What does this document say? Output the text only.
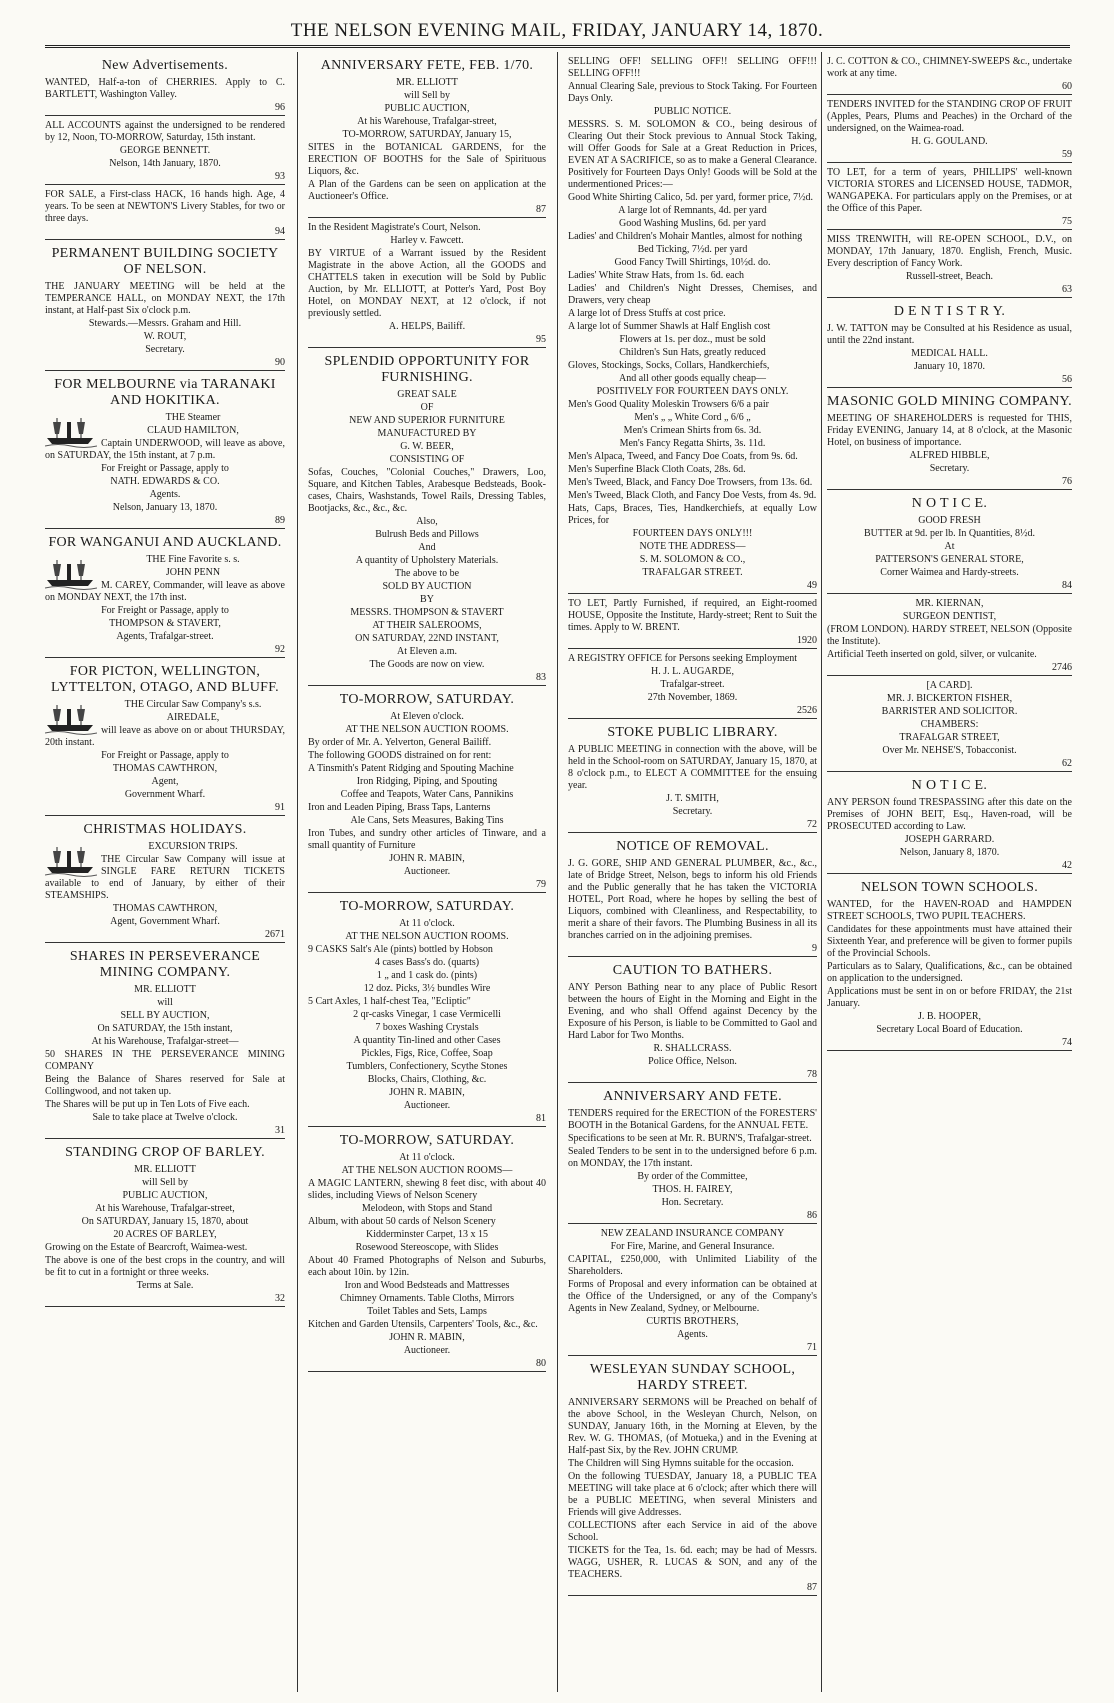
THE NELSON EVENING MAIL, FRIDAY, JANUARY 14, 1870.
New Advertisements.

WANTED, Half-a-ton of CHERRIES. Apply to C. BARTLETT, Washington Valley.

96

ALL ACCOUNTS against the undersigned to be rendered by 12, Noon, TO-MORROW, Saturday, 15th instant.

GEORGE BENNETT.

Nelson, 14th January, 1870.

93

FOR SALE, a First-class HACK, 16 hands high. Age, 4 years. To be seen at NEWTON'S Livery Stables, for two or three days.

94

PERMANENT BUILDING SOCIETY OF NELSON.

THE JANUARY MEETING will be held at the TEMPERANCE HALL, on MONDAY NEXT, the 17th instant, at Half-past Six o'clock p.m.

Stewards.—Messrs. Graham and Hill.

W. ROUT,

Secretary.

90

FOR MELBOURNE via TARANAKI AND HOKITIKA.

THE Steamer

CLAUD HAMILTON,

Captain UNDERWOOD, will leave as above, on SATURDAY, the 15th instant, at 7 p.m.

For Freight or Passage, apply to

NATH. EDWARDS & CO.

Agents.

Nelson, January 13, 1870.

89

FOR WANGANUI AND AUCKLAND.

THE Fine Favorite s. s.

JOHN PENN

M. CAREY, Commander, will leave as above on MONDAY NEXT, the 17th inst.

For Freight or Passage, apply to

THOMPSON & STAVERT,

Agents, Trafalgar-street.

92

FOR PICTON, WELLINGTON, LYTTELTON, OTAGO, AND BLUFF.

THE Circular Saw Company's s.s.

AIREDALE,

will leave as above on or about THURSDAY, 20th instant.

For Freight or Passage, apply to

THOMAS CAWTHRON,

Agent,

Government Wharf.

91

CHRISTMAS HOLIDAYS.

EXCURSION TRIPS.

THE Circular Saw Company will issue at SINGLE FARE RETURN TICKETS available to end of January, by either of their STEAMSHIPS.

THOMAS CAWTHRON,

Agent, Government Wharf.

2671

SHARES IN PERSEVERANCE MINING COMPANY.

MR. ELLIOTT

will

SELL BY AUCTION,

On SATURDAY, the 15th instant,

At his Warehouse, Trafalgar-street—

50 SHARES IN THE PERSEVERANCE MINING COMPANY

Being the Balance of Shares reserved for Sale at Collingwood, and not taken up.

The Shares will be put up in Ten Lots of Five each.

Sale to take place at Twelve o'clock.

31

STANDING CROP OF BARLEY.

MR. ELLIOTT

will Sell by

PUBLIC AUCTION,

At his Warehouse, Trafalgar-street,

On SATURDAY, January 15, 1870, about

20 ACRES OF BARLEY,

Growing on the Estate of Bearcroft, Waimea-west.

The above is one of the best crops in the country, and will be fit to cut in a fortnight or three weeks.

Terms at Sale.

32

ANNIVERSARY FETE, FEB. 1/70.

MR. ELLIOTT

will Sell by

PUBLIC AUCTION,

At his Warehouse, Trafalgar-street,

TO-MORROW, SATURDAY, January 15,

SITES in the BOTANICAL GARDENS, for the ERECTION OF BOOTHS for the Sale of Spirituous Liquors, &c.

A Plan of the Gardens can be seen on application at the Auctioneer's Office.

87

In the Resident Magistrate's Court, Nelson.

Harley v. Fawcett.

BY VIRTUE of a Warrant issued by the Resident Magistrate in the above Action, all the GOODS and CHATTELS taken in execution will be Sold by Public Auction, by Mr. ELLIOTT, at Potter's Yard, Post Boy Hotel, on MONDAY NEXT, at 12 o'clock, if not previously settled.

A. HELPS, Bailiff.

95

SPLENDID OPPORTUNITY FOR FURNISHING.

GREAT SALE

OF

NEW AND SUPERIOR FURNITURE

MANUFACTURED BY

G. W. BEER,

CONSISTING OF

Sofas, Couches, "Colonial Couches," Drawers, Loo, Square, and Kitchen Tables, Arabesque Bedsteads, Book-cases, Chairs, Washstands, Towel Rails, Dressing Tables, Bootjacks, &c., &c., &c.

Also,

Bulrush Beds and Pillows

And

A quantity of Upholstery Materials.

The above to be

SOLD BY AUCTION

BY

MESSRS. THOMPSON & STAVERT

AT THEIR SALEROOMS,

ON SATURDAY, 22ND INSTANT,

At Eleven a.m.

The Goods are now on view.

83

TO-MORROW, SATURDAY.

At Eleven o'clock.

AT THE NELSON AUCTION ROOMS.

By order of Mr. A. Yelverton, General Bailiff.

The following GOODS distrained on for rent:

A Tinsmith's Patent Ridging and Spouting Machine

Iron Ridging, Piping, and Spouting

Coffee and Teapots, Water Cans, Pannikins

Iron and Leaden Piping, Brass Taps, Lanterns

Ale Cans, Sets Measures, Baking Tins

Iron Tubes, and sundry other articles of Tinware, and a small quantity of Furniture

JOHN R. MABIN,

Auctioneer.

79

TO-MORROW, SATURDAY.

At 11 o'clock.

AT THE NELSON AUCTION ROOMS.

9 CASKS Salt's Ale (pints) bottled by Hobson

4 cases Bass's do. (quarts)

1 „ and 1 cask do. (pints)

12 doz. Picks, 3½ bundles Wire

5 Cart Axles, 1 half-chest Tea, "Ecliptic"

2 qr-casks Vinegar, 1 case Vermicelli

7 boxes Washing Crystals

A quantity Tin-lined and other Cases

Pickles, Figs, Rice, Coffee, Soap

Tumblers, Confectionery, Scythe Stones

Blocks, Chairs, Clothing, &c.

JOHN R. MABIN,

Auctioneer.

81

TO-MORROW, SATURDAY.

At 11 o'clock.

AT THE NELSON AUCTION ROOMS—

A MAGIC LANTERN, shewing 8 feet disc, with about 40 slides, including Views of Nelson Scenery

Melodeon, with Stops and Stand

Album, with about 50 cards of Nelson Scenery

Kidderminster Carpet, 13 x 15

Rosewood Stereoscope, with Slides

About 40 Framed Photographs of Nelson and Suburbs, each about 10in. by 12in.

Iron and Wood Bedsteads and Mattresses

Chimney Ornaments. Table Cloths, Mirrors

Toilet Tables and Sets, Lamps

Kitchen and Garden Utensils, Carpenters' Tools, &c., &c.

JOHN R. MABIN,

Auctioneer.

80

SELLING OFF! SELLING OFF!! SELLING OFF!!! SELLING OFF!!!

Annual Clearing Sale, previous to Stock Taking. For Fourteen Days Only.

PUBLIC NOTICE.

MESSRS. S. M. SOLOMON & CO., being desirous of Clearing Out their Stock previous to Annual Stock Taking, will Offer Goods for Sale at a Great Reduction in Prices, EVEN AT A SACRIFICE, so as to make a General Clearance. Positively for Fourteen Days Only! Goods will be Sold at the undermentioned Prices:—

Good White Shirting Calico, 5d. per yard, former price, 7½d.

A large lot of Remnants, 4d. per yard

Good Washing Muslins, 6d. per yard

Ladies' and Children's Mohair Mantles, almost for nothing

Bed Ticking, 7½d. per yard

Good Fancy Twill Shirtings, 10½d. do.

Ladies' White Straw Hats, from 1s. 6d. each

Ladies' and Children's Night Dresses, Chemises, and Drawers, very cheap

A large lot of Dress Stuffs at cost price.

A large lot of Summer Shawls at Half English cost

Flowers at 1s. per doz., must be sold

Children's Sun Hats, greatly reduced

Gloves, Stockings, Socks, Collars, Handkerchiefs,

And all other goods equally cheap—

POSITIVELY FOR FOURTEEN DAYS ONLY.

Men's Good Quality Moleskin Trowsers 6/6 a pair

Men's „ „ White Cord „ 6/6 „

Men's Crimean Shirts from 6s. 3d.

Men's Fancy Regatta Shirts, 3s. 11d.

Men's Alpaca, Tweed, and Fancy Doe Coats, from 9s. 6d.

Men's Superfine Black Cloth Coats, 28s. 6d.

Men's Tweed, Black, and Fancy Doe Trowsers, from 13s. 6d.

Men's Tweed, Black Cloth, and Fancy Doe Vests, from 4s. 9d.

Hats, Caps, Braces, Ties, Handkerchiefs, at equally Low Prices, for

FOURTEEN DAYS ONLY!!!

NOTE THE ADDRESS—

S. M. SOLOMON & CO.,

TRAFALGAR STREET.

49

TO LET, Partly Furnished, if required, an Eight-roomed HOUSE, Opposite the Institute, Hardy-street; Rent to Suit the times. Apply to W. BRENT.

1920

A REGISTRY OFFICE for Persons seeking Employment

H. J. L. AUGARDE,

Trafalgar-street.

27th November, 1869.

2526

STOKE PUBLIC LIBRARY.

A PUBLIC MEETING in connection with the above, will be held in the School-room on SATURDAY, January 15, 1870, at 8 o'clock p.m., to ELECT A COMMITTEE for the ensuing year.

J. T. SMITH,

Secretary.

72

NOTICE OF REMOVAL.

J. G. GORE, SHIP AND GENERAL PLUMBER, &c., &c., late of Bridge Street, Nelson, begs to inform his old Friends and the Public generally that he has taken the VICTORIA HOTEL, Port Road, where he hopes by selling the best of Liquors, combined with Cleanliness, and Respectability, to merit a share of their favors. The Plumbing Business in all its branches carried on in the adjoining premises.

9

CAUTION TO BATHERS.

ANY Person Bathing near to any place of Public Resort between the hours of Eight in the Morning and Eight in the Evening, and who shall Offend against Decency by the Exposure of his Person, is liable to be Committed to Gaol and Hard Labor for Two Months.

R. SHALLCRASS.

Police Office, Nelson.

78

ANNIVERSARY AND FETE.

TENDERS required for the ERECTION of the FORESTERS' BOOTH in the Botanical Gardens, for the ANNUAL FETE.

Specifications to be seen at Mr. R. BURN'S, Trafalgar-street.

Sealed Tenders to be sent in to the undersigned before 6 p.m. on MONDAY, the 17th instant.

By order of the Committee,

THOS. H. FAIREY,

Hon. Secretary.

86

NEW ZEALAND INSURANCE COMPANY

For Fire, Marine, and General Insurance.

CAPITAL, £250,000, with Unlimited Liability of the Shareholders.

Forms of Proposal and every information can be obtained at the Office of the Undersigned, or any of the Company's Agents in New Zealand, Sydney, or Melbourne.

CURTIS BROTHERS,

Agents.

71

WESLEYAN SUNDAY SCHOOL, HARDY STREET.

ANNIVERSARY SERMONS will be Preached on behalf of the above School, in the Wesleyan Church, Nelson, on SUNDAY, January 16th, in the Morning at Eleven, by the Rev. W. G. THOMAS, (of Motueka,) and in the Evening at Half-past Six, by the Rev. JOHN CRUMP.

The Children will Sing Hymns suitable for the occasion.

On the following TUESDAY, January 18, a PUBLIC TEA MEETING will take place at 6 o'clock; after which there will be a PUBLIC MEETING, when several Ministers and Friends will give Addresses.

COLLECTIONS after each Service in aid of the above School.

TICKETS for the Tea, 1s. 6d. each; may be had of Messrs. WAGG, USHER, R. LUCAS & SON, and any of the TEACHERS.

87

J. C. COTTON & CO., CHIMNEY-SWEEPS &c., undertake work at any time.

60

TENDERS INVITED for the STANDING CROP OF FRUIT (Apples, Pears, Plums and Peaches) in the Orchard of the undersigned, on the Waimea-road.

H. G. GOULAND.

59

TO LET, for a term of years, PHILLIPS' well-known VICTORIA STORES and LICENSED HOUSE, TADMOR, WANGAPEKA. For particulars apply on the Premises, or at the Office of this Paper.

75

MISS TRENWITH, will RE-OPEN SCHOOL, D.V., on MONDAY, 17th January, 1870. English, French, Music. Every description of Fancy Work.

Russell-street, Beach.

63

D E N T I S T R Y.

J. W. TATTON may be Consulted at his Residence as usual, until the 22nd instant.

MEDICAL HALL.

January 10, 1870.

56

MASONIC GOLD MINING COMPANY.

MEETING OF SHAREHOLDERS is requested for THIS, Friday EVENING, January 14, at 8 o'clock, at the Masonic Hotel, on business of importance.

ALFRED HIBBLE,

Secretary.

76

N O T I C E.

GOOD FRESH

BUTTER at 9d. per lb. In Quantities, 8½d.

At

PATTERSON'S GENERAL STORE,

Corner Waimea and Hardy-streets.

84

MR. KIERNAN,

SURGEON DENTIST,

(FROM LONDON). HARDY STREET, NELSON (Opposite the Institute).

Artificial Teeth inserted on gold, silver, or vulcanite.

2746

[A CARD].

MR. J. BICKERTON FISHER,

BARRISTER AND SOLICITOR.

CHAMBERS:

TRAFALGAR STREET,

Over Mr. NEHSE'S, Tobacconist.

62

N O T I C E.

ANY PERSON found TRESPASSING after this date on the Premises of JOHN BEIT, Esq., Haven-road, will be PROSECUTED according to Law.

JOSEPH GARRARD.

Nelson, January 8, 1870.

42

NELSON TOWN SCHOOLS.

WANTED, for the HAVEN-ROAD and HAMPDEN STREET SCHOOLS, TWO PUPIL TEACHERS.

Candidates for these appointments must have attained their Sixteenth Year, and preference will be given to former pupils of the Provincial Schools.

Particulars as to Salary, Qualifications, &c., can be obtained on application to the undersigned.

Applications must be sent in on or before FRIDAY, the 21st January.

J. B. HOOPER,

Secretary Local Board of Education.

74
